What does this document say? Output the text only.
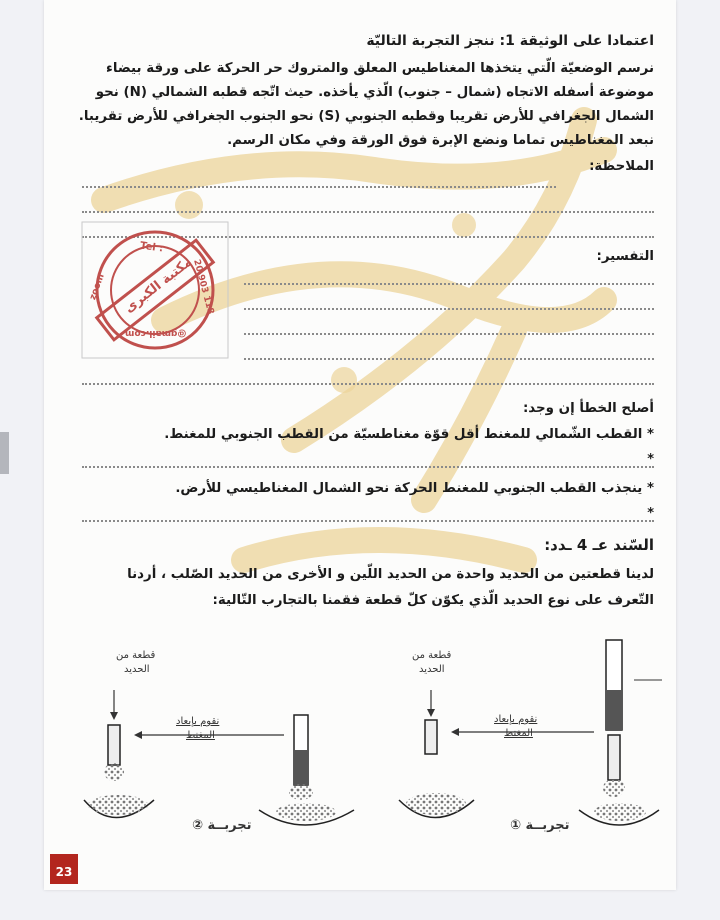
اعتمادا على الوثيقة 1: ننجز التجربة التاليّة

نرسم الوضعيّة الّتي يتخذها المغناطيس المعلق والمتروك حر الحركة على ورقة بيضاء

موضوعة أسفله الاتجاه (شمال – جنوب) الّذي يأخذه. حيث اتّجه قطبه الشمالي (N) نحو

الشمال الجغرافي للأرض تقريبا وقطبه الجنوبي (S) نحو الجنوب الجغرافي للأرض تقريبا.

نبعد المغناطيس تماما ونضع الإبرة فوق الورقة وفي مكان الرسم.

الملاحظة:

التفسير:

Tel :
20 903 118
@gmail.com
zoom مكتبة الكبرى

أصلح الخطأ إن وجد:

* القطب الشّمالي للمغنط أقل قوّة مغناطسيّة من القطب الجنوبي للمغنط.

*

* ينجذب القطب الجنوبي للمغنط الحركة نحو الشمال المغناطيسي للأرض.

*

السّند عـ 4 ـدد:

لدينا قطعتين من الحديد واحدة من الحديد اللّين و الأخرى من الحديد الصّلب ، أردنا

التّعرف على نوع الحديد الّذي يكوّن كلّ قطعة فقمنا بالتجارب التّالية:

قطعة من
الحديد
نقوم بإبعاد
المغنط
تجربــة ②
قطعة من
الحديد
نقوم بإبعاد
المغنط
تجربــة ①
23
